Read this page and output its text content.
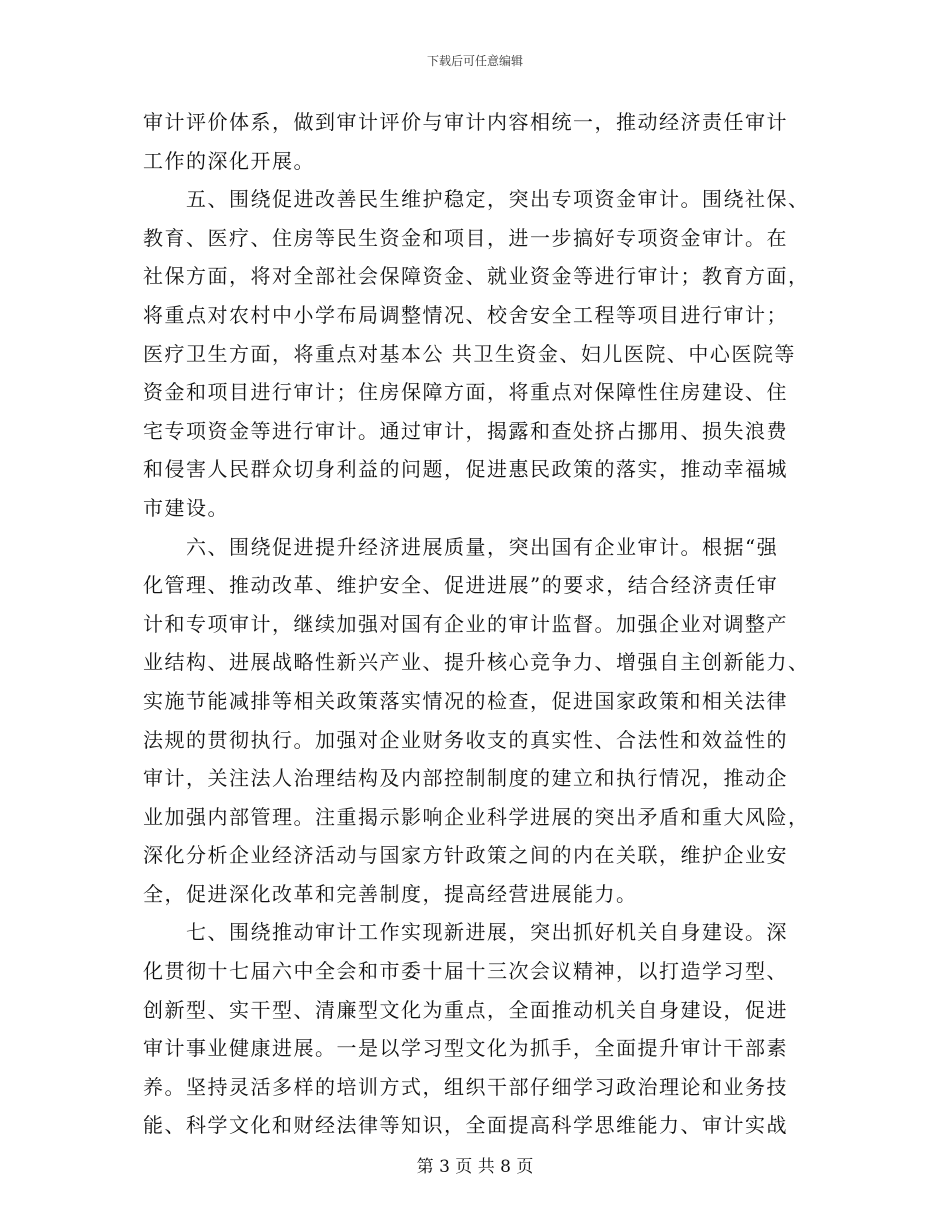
下载后可任意编辑
审计评价体系，做到审计评价与审计内容相统一，推动经济责任审计
工作的深化开展。
　　五、围绕促进改善民生维护稳定，突出专项资金审计。围绕社保、
教育、医疗、住房等民生资金和项目，进一步搞好专项资金审计。在
社保方面，将对全部社会保障资金、就业资金等进行审计；教育方面，
将重点对农村中小学布局调整情况、校舍安全工程等项目进行审计；
医疗卫生方面，将重点对基本公 共卫生资金、妇儿医院、中心医院等
资金和项目进行审计；住房保障方面，将重点对保障性住房建设、住
宅专项资金等进行审计。通过审计，揭露和查处挤占挪用、损失浪费
和侵害人民群众切身利益的问题，促进惠民政策的落实，推动幸福城
市建设。
　　六、围绕促进提升经济进展质量，突出国有企业审计。根据“强
化管理、推动改革、维护安全、促进进展”的要求，结合经济责任审
计和专项审计，继续加强对国有企业的审计监督。加强企业对调整产
业结构、进展战略性新兴产业、提升核心竞争力、增强自主创新能力、
实施节能减排等相关政策落实情况的检查，促进国家政策和相关法律
法规的贯彻执行。加强对企业财务收支的真实性、合法性和效益性的
审计，关注法人治理结构及内部控制制度的建立和执行情况，推动企
业加强内部管理。注重揭示影响企业科学进展的突出矛盾和重大风险，
深化分析企业经济活动与国家方针政策之间的内在关联，维护企业安
全，促进深化改革和完善制度，提高经营进展能力。
　　七、围绕推动审计工作实现新进展，突出抓好机关自身建设。深
化贯彻十七届六中全会和市委十届十三次会议精神，以打造学习型、
创新型、实干型、清廉型文化为重点，全面推动机关自身建设，促进
审计事业健康进展。一是以学习型文化为抓手，全面提升审计干部素
养。坚持灵活多样的培训方式，组织干部仔细学习政治理论和业务技
能、科学文化和财经法律等知识，全面提高科学思维能力、审计实战
第 3 页 共 8 页
